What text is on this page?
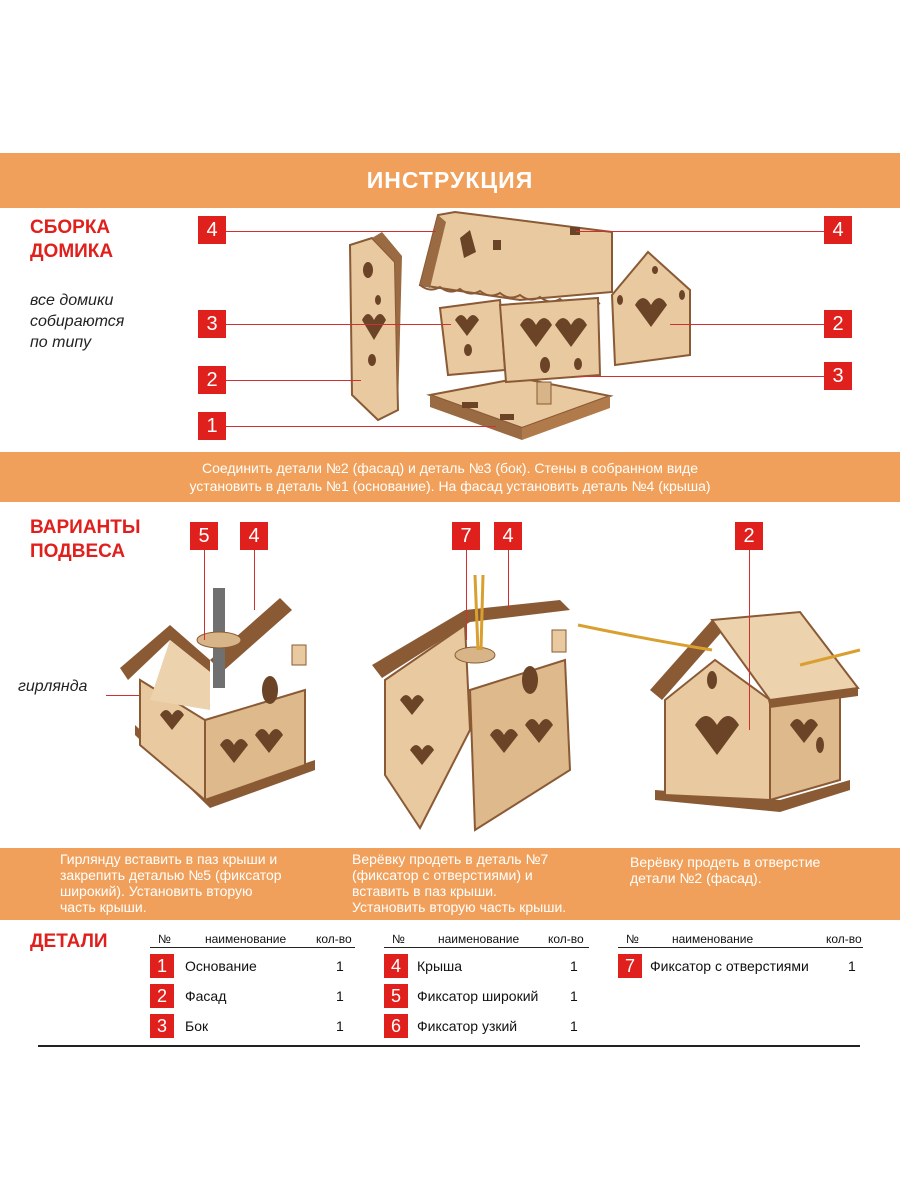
ИНСТРУКЦИЯ
СБОРКА
ДОМИКА
все домики
собираются
по типу
4
3
2
1
4
2
3
Соединить детали №2 (фасад) и деталь №3 (бок). Стены в собранном виде
установить в деталь №1 (основание). На фасад установить деталь №4 (крыша)
ВАРИАНТЫ
ПОДВЕСА
гирлянда
5	4	7	4	2
Гирлянду вставить в паз крыши и
закрепить деталью №5 (фиксатор
широкий). Установить вторую
часть крыши.
Верёвку продеть в деталь №7
(фиксатор с отверстиями) и
вставить в паз крыши.
Установить вторую часть крыши.
Верёвку продеть в отверстие
детали №2 (фасад).
ДЕТАЛИ	№	наименование кол-во
1	Основание	1
2	Фасад	1
3	Бок	1
№	наименование кол-во
4	Крыша	1
5	Фиксатор широкий 1
6	Фиксатор узкий	1
№	наименование	кол-во
7	Фиксатор с отверстиями	1
